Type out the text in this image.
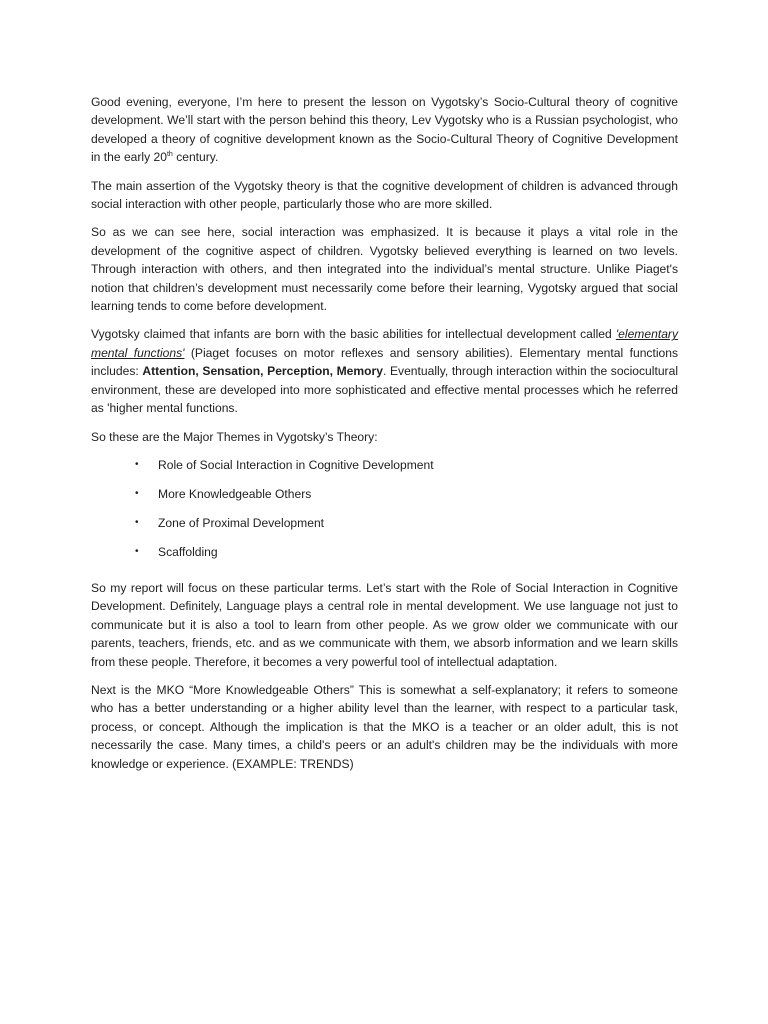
Good evening, everyone, I’m here to present the lesson on Vygotsky’s Socio-Cultural theory of cognitive development. We’ll start with the person behind this theory, Lev Vygotsky who is a Russian psychologist, who developed a theory of cognitive development known as the Socio-Cultural Theory of Cognitive Development in the early 20th century.

The main assertion of the Vygotsky theory is that the cognitive development of children is advanced through social interaction with other people, particularly those who are more skilled.

So as we can see here, social interaction was emphasized. It is because it plays a vital role in the development of the cognitive aspect of children. Vygotsky believed everything is learned on two levels. Through interaction with others, and then integrated into the individual’s mental structure. Unlike Piaget's notion that children’s development must necessarily come before their learning, Vygotsky argued that social learning tends to come before development.

Vygotsky claimed that infants are born with the basic abilities for intellectual development called 'elementary mental functions' (Piaget focuses on motor reflexes and sensory abilities). Elementary mental functions includes: Attention, Sensation, Perception, Memory. Eventually, through interaction within the sociocultural environment, these are developed into more sophisticated and effective mental processes which he referred as 'higher mental functions.

So these are the Major Themes in Vygotsky’s Theory:

• Role of Social Interaction in Cognitive Development
• More Knowledgeable Others
• Zone of Proximal Development
• Scaffolding

So my report will focus on these particular terms. Let’s start with the Role of Social Interaction in Cognitive Development. Definitely, Language plays a central role in mental development. We use language not just to communicate but it is also a tool to learn from other people. As we grow older we communicate with our parents, teachers, friends, etc. and as we communicate with them, we absorb information and we learn skills from these people. Therefore, it becomes a very powerful tool of intellectual adaptation.

Next is the MKO “More Knowledgeable Others” This is somewhat a self-explanatory; it refers to someone who has a better understanding or a higher ability level than the learner, with respect to a particular task, process, or concept. Although the implication is that the MKO is a teacher or an older adult, this is not necessarily the case. Many times, a child's peers or an adult's children may be the individuals with more knowledge or experience. (EXAMPLE: TRENDS)
